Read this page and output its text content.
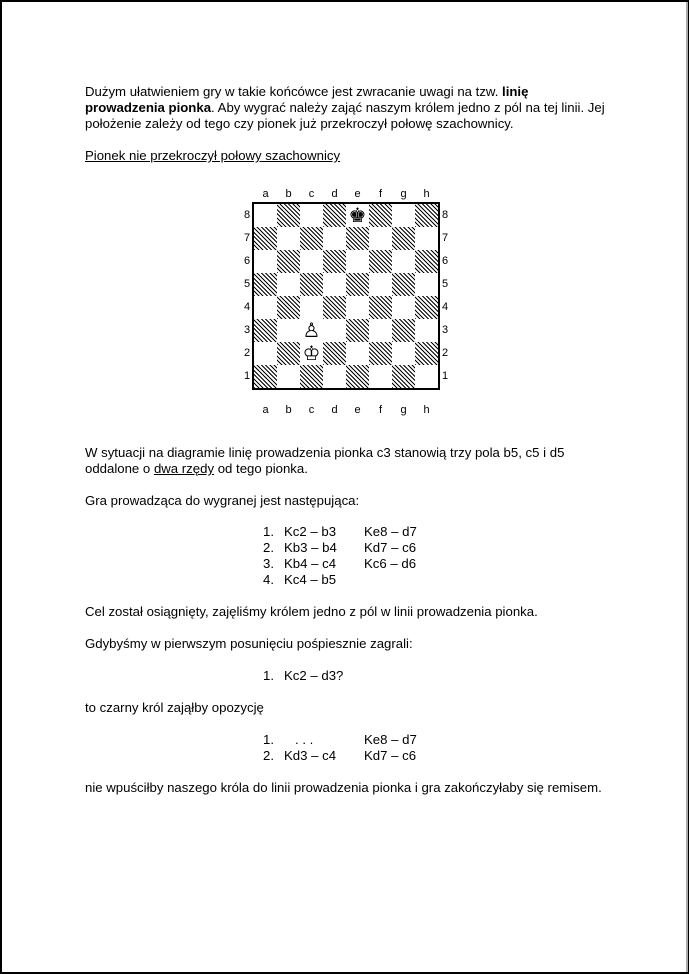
Dużym ułatwieniem gry w takie końcówce jest zwracanie uwagi na tzw. linię prowadzenia pionka. Aby wygrać należy zająć naszym królem jedno z pól na tej linii. Jej położenie zależy od tego czy pionek już przekroczył połowę szachownicy.
Pionek nie przekroczył połowy szachownicy
a	b	c	d	e	f	g	h
8
7
6
5
4
3
2
1
♚
♙
♔
8
7
6
5
4
3
2
1
a	b	c	d	e	f	g	h
W sytuacji na diagramie linię prowadzenia pionka c3 stanowią trzy pola b5, c5 i d5 oddalone o dwa rzędy od tego pionka.
Gra prowadząca do wygranej jest następująca:
1. Kc2 – b3	Ke8 – d7
2. Kb3 – b4	Kd7 – c6
3. Kb4 – c4	Kc6 – d6
4. Kc4 – b5
Cel został osiągnięty, zajęliśmy królem jedno z pól w linii prowadzenia pionka.
Gdybyśmy w pierwszym posunięciu pośpiesznie zagrali:
1. Kc2 – d3?
to czarny król zająłby opozycję
1. . . .	Ke8 – d7
2. Kd3 – c4	Kd7 – c6
nie wpuściłby naszego króla do linii prowadzenia pionka i gra zakończyłaby się remisem.
